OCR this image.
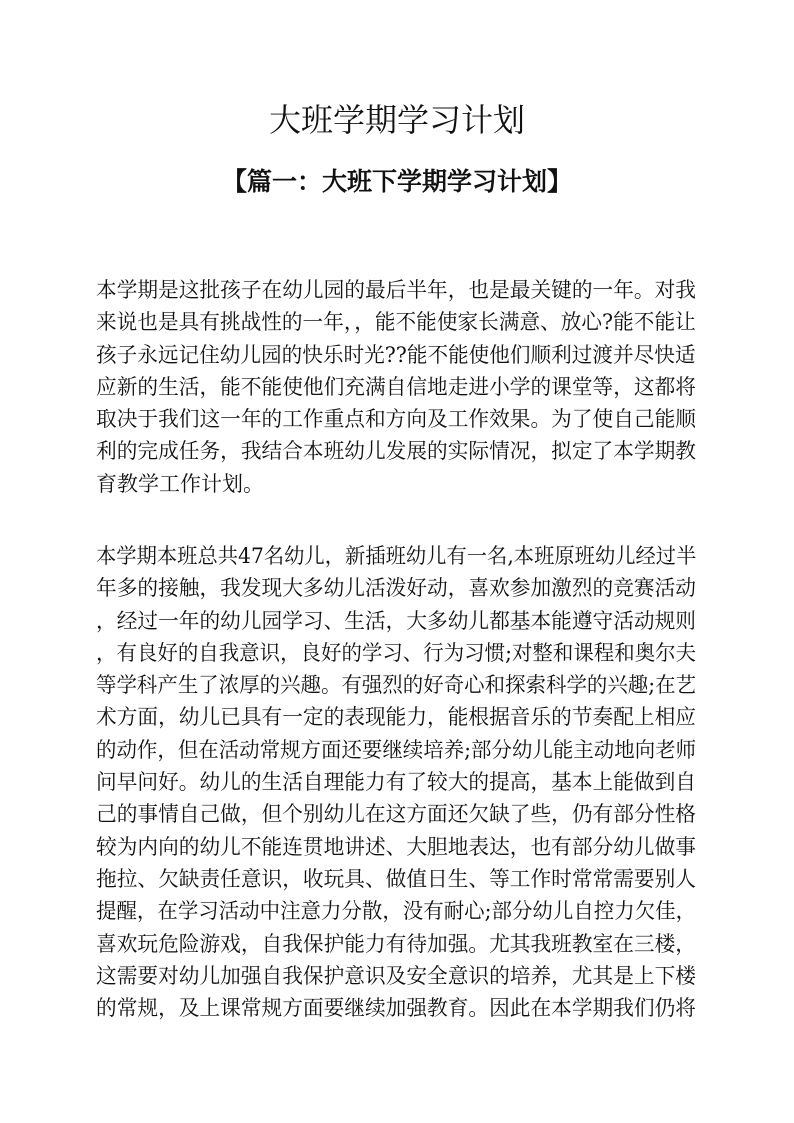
大班学期学习计划
【篇一：大班下学期学习计划】
本学期是这批孩子在幼儿园的最后半年，也是最关键的一年。对我
来说也是具有挑战性的一年，，能不能使家长满意、放心?能不能让
孩子永远记住幼儿园的快乐时光??能不能使他们顺利过渡并尽快适
应新的生活，能不能使他们充满自信地走进小学的课堂等，这都将
取决于我们这一年的工作重点和方向及工作效果。为了使自己能顺
利的完成任务，我结合本班幼儿发展的实际情况，拟定了本学期教
育教学工作计划。
本学期本班总共47名幼儿，新插班幼儿有一名,本班原班幼儿经过半
年多的接触，我发现大多幼儿活泼好动，喜欢参加激烈的竞赛活动
，经过一年的幼儿园学习、生活，大多幼儿都基本能遵守活动规则
，有良好的自我意识，良好的学习、行为习惯;对整和课程和奥尔夫
等学科产生了浓厚的兴趣。有强烈的好奇心和探索科学的兴趣;在艺
术方面，幼儿已具有一定的表现能力，能根据音乐的节奏配上相应
的动作，但在活动常规方面还要继续培养;部分幼儿能主动地向老师
问早问好。幼儿的生活自理能力有了较大的提高，基本上能做到自
己的事情自己做，但个别幼儿在这方面还欠缺了些，仍有部分性格
较为内向的幼儿不能连贯地讲述、大胆地表达，也有部分幼儿做事
拖拉、欠缺责任意识，收玩具、做值日生、等工作时常常需要别人
提醒，在学习活动中注意力分散，没有耐心;部分幼儿自控力欠佳，
喜欢玩危险游戏，自我保护能力有待加强。尤其我班教室在三楼，
这需要对幼儿加强自我保护意识及安全意识的培养，尤其是上下楼
的常规，及上课常规方面要继续加强教育。因此在本学期我们仍将
